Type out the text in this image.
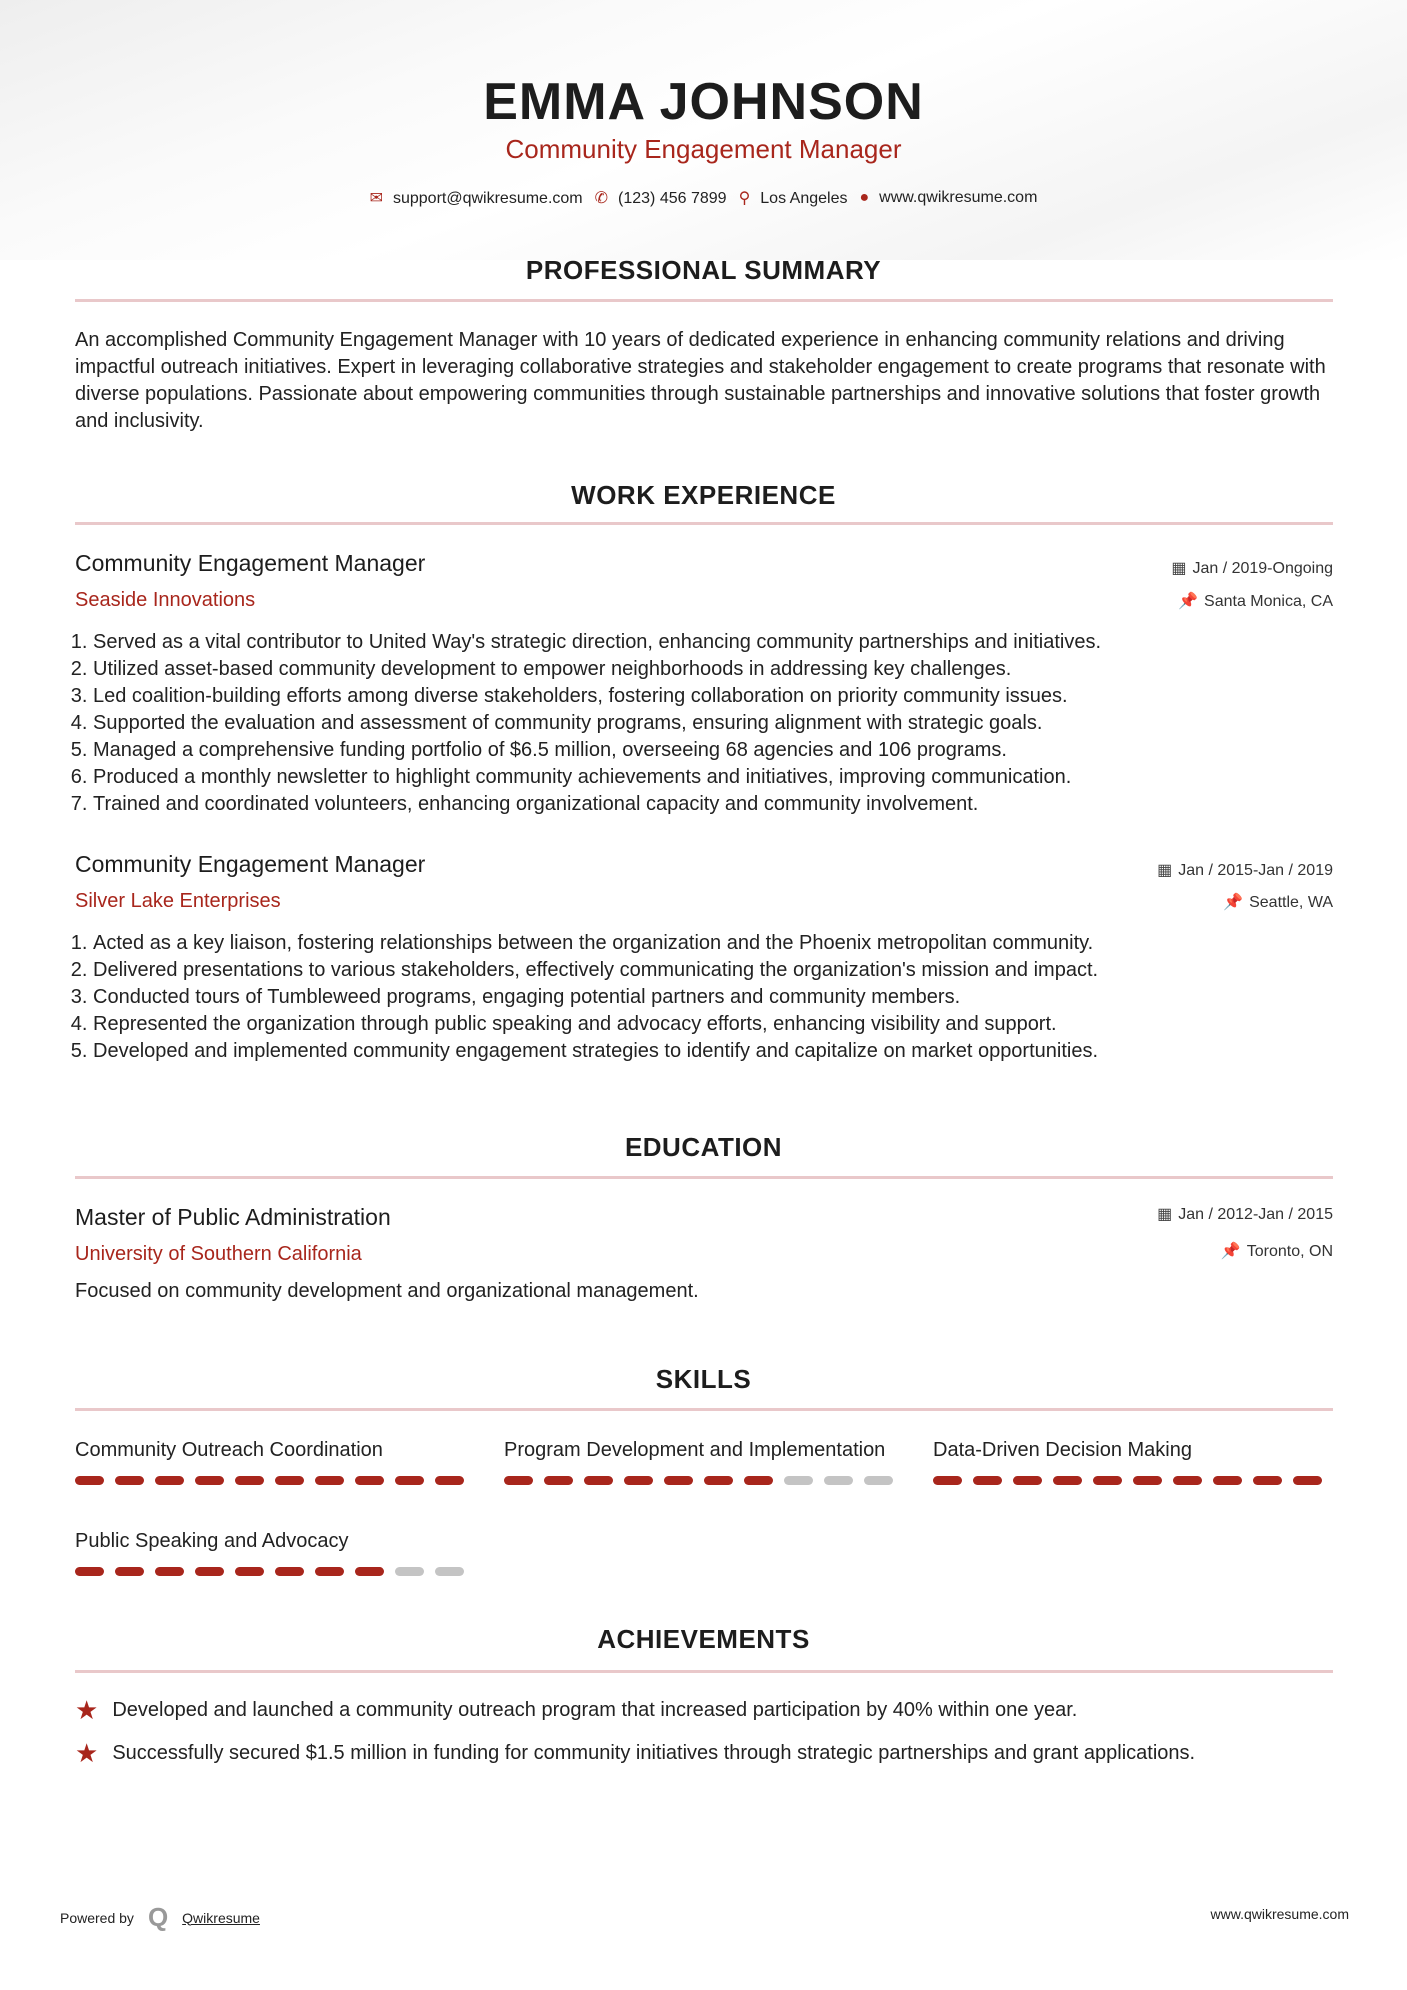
EMMA JOHNSON
Community Engagement Manager
✉ support@qwikresume.com ✆ (123) 456 7899 ⚲ Los Angeles ● www.qwikresume.com
PROFESSIONAL SUMMARY
An accomplished Community Engagement Manager with 10 years of dedicated experience in enhancing community relations and driving impactful outreach initiatives. Expert in leveraging collaborative strategies and stakeholder engagement to create programs that resonate with diverse populations. Passionate about empowering communities through sustainable partnerships and innovative solutions that foster growth and inclusivity.
WORK EXPERIENCE
Community Engagement Manager
Seaside Innovations
▦ Jan / 2019-Ongoing
📌 Santa Monica, CA
1. Served as a vital contributor to United Way's strategic direction, enhancing community partnerships and initiatives.
2. Utilized asset-based community development to empower neighborhoods in addressing key challenges.
3. Led coalition-building efforts among diverse stakeholders, fostering collaboration on priority community issues.
4. Supported the evaluation and assessment of community programs, ensuring alignment with strategic goals.
5. Managed a comprehensive funding portfolio of $6.5 million, overseeing 68 agencies and 106 programs.
6. Produced a monthly newsletter to highlight community achievements and initiatives, improving communication.
7. Trained and coordinated volunteers, enhancing organizational capacity and community involvement.
Community Engagement Manager
Silver Lake Enterprises
▦ Jan / 2015-Jan / 2019
📌 Seattle, WA
1. Acted as a key liaison, fostering relationships between the organization and the Phoenix metropolitan community.
2. Delivered presentations to various stakeholders, effectively communicating the organization's mission and impact.
3. Conducted tours of Tumbleweed programs, engaging potential partners and community members.
4. Represented the organization through public speaking and advocacy efforts, enhancing visibility and support.
5. Developed and implemented community engagement strategies to identify and capitalize on market opportunities.
EDUCATION
Master of Public Administration
University of Southern California
▦ Jan / 2012-Jan / 2015
📌 Toronto, ON
Focused on community development and organizational management.
SKILLS
Community Outreach Coordination	Program Development and Implementation	Data-Driven Decision Making
Public Speaking and Advocacy
ACHIEVEMENTS
★ Developed and launched a community outreach program that increased participation by 40% within one year.
★ Successfully secured $1.5 million in funding for community initiatives through strategic partnerships and grant applications.
Powered by Q Qwikresume	www.qwikresume.com
